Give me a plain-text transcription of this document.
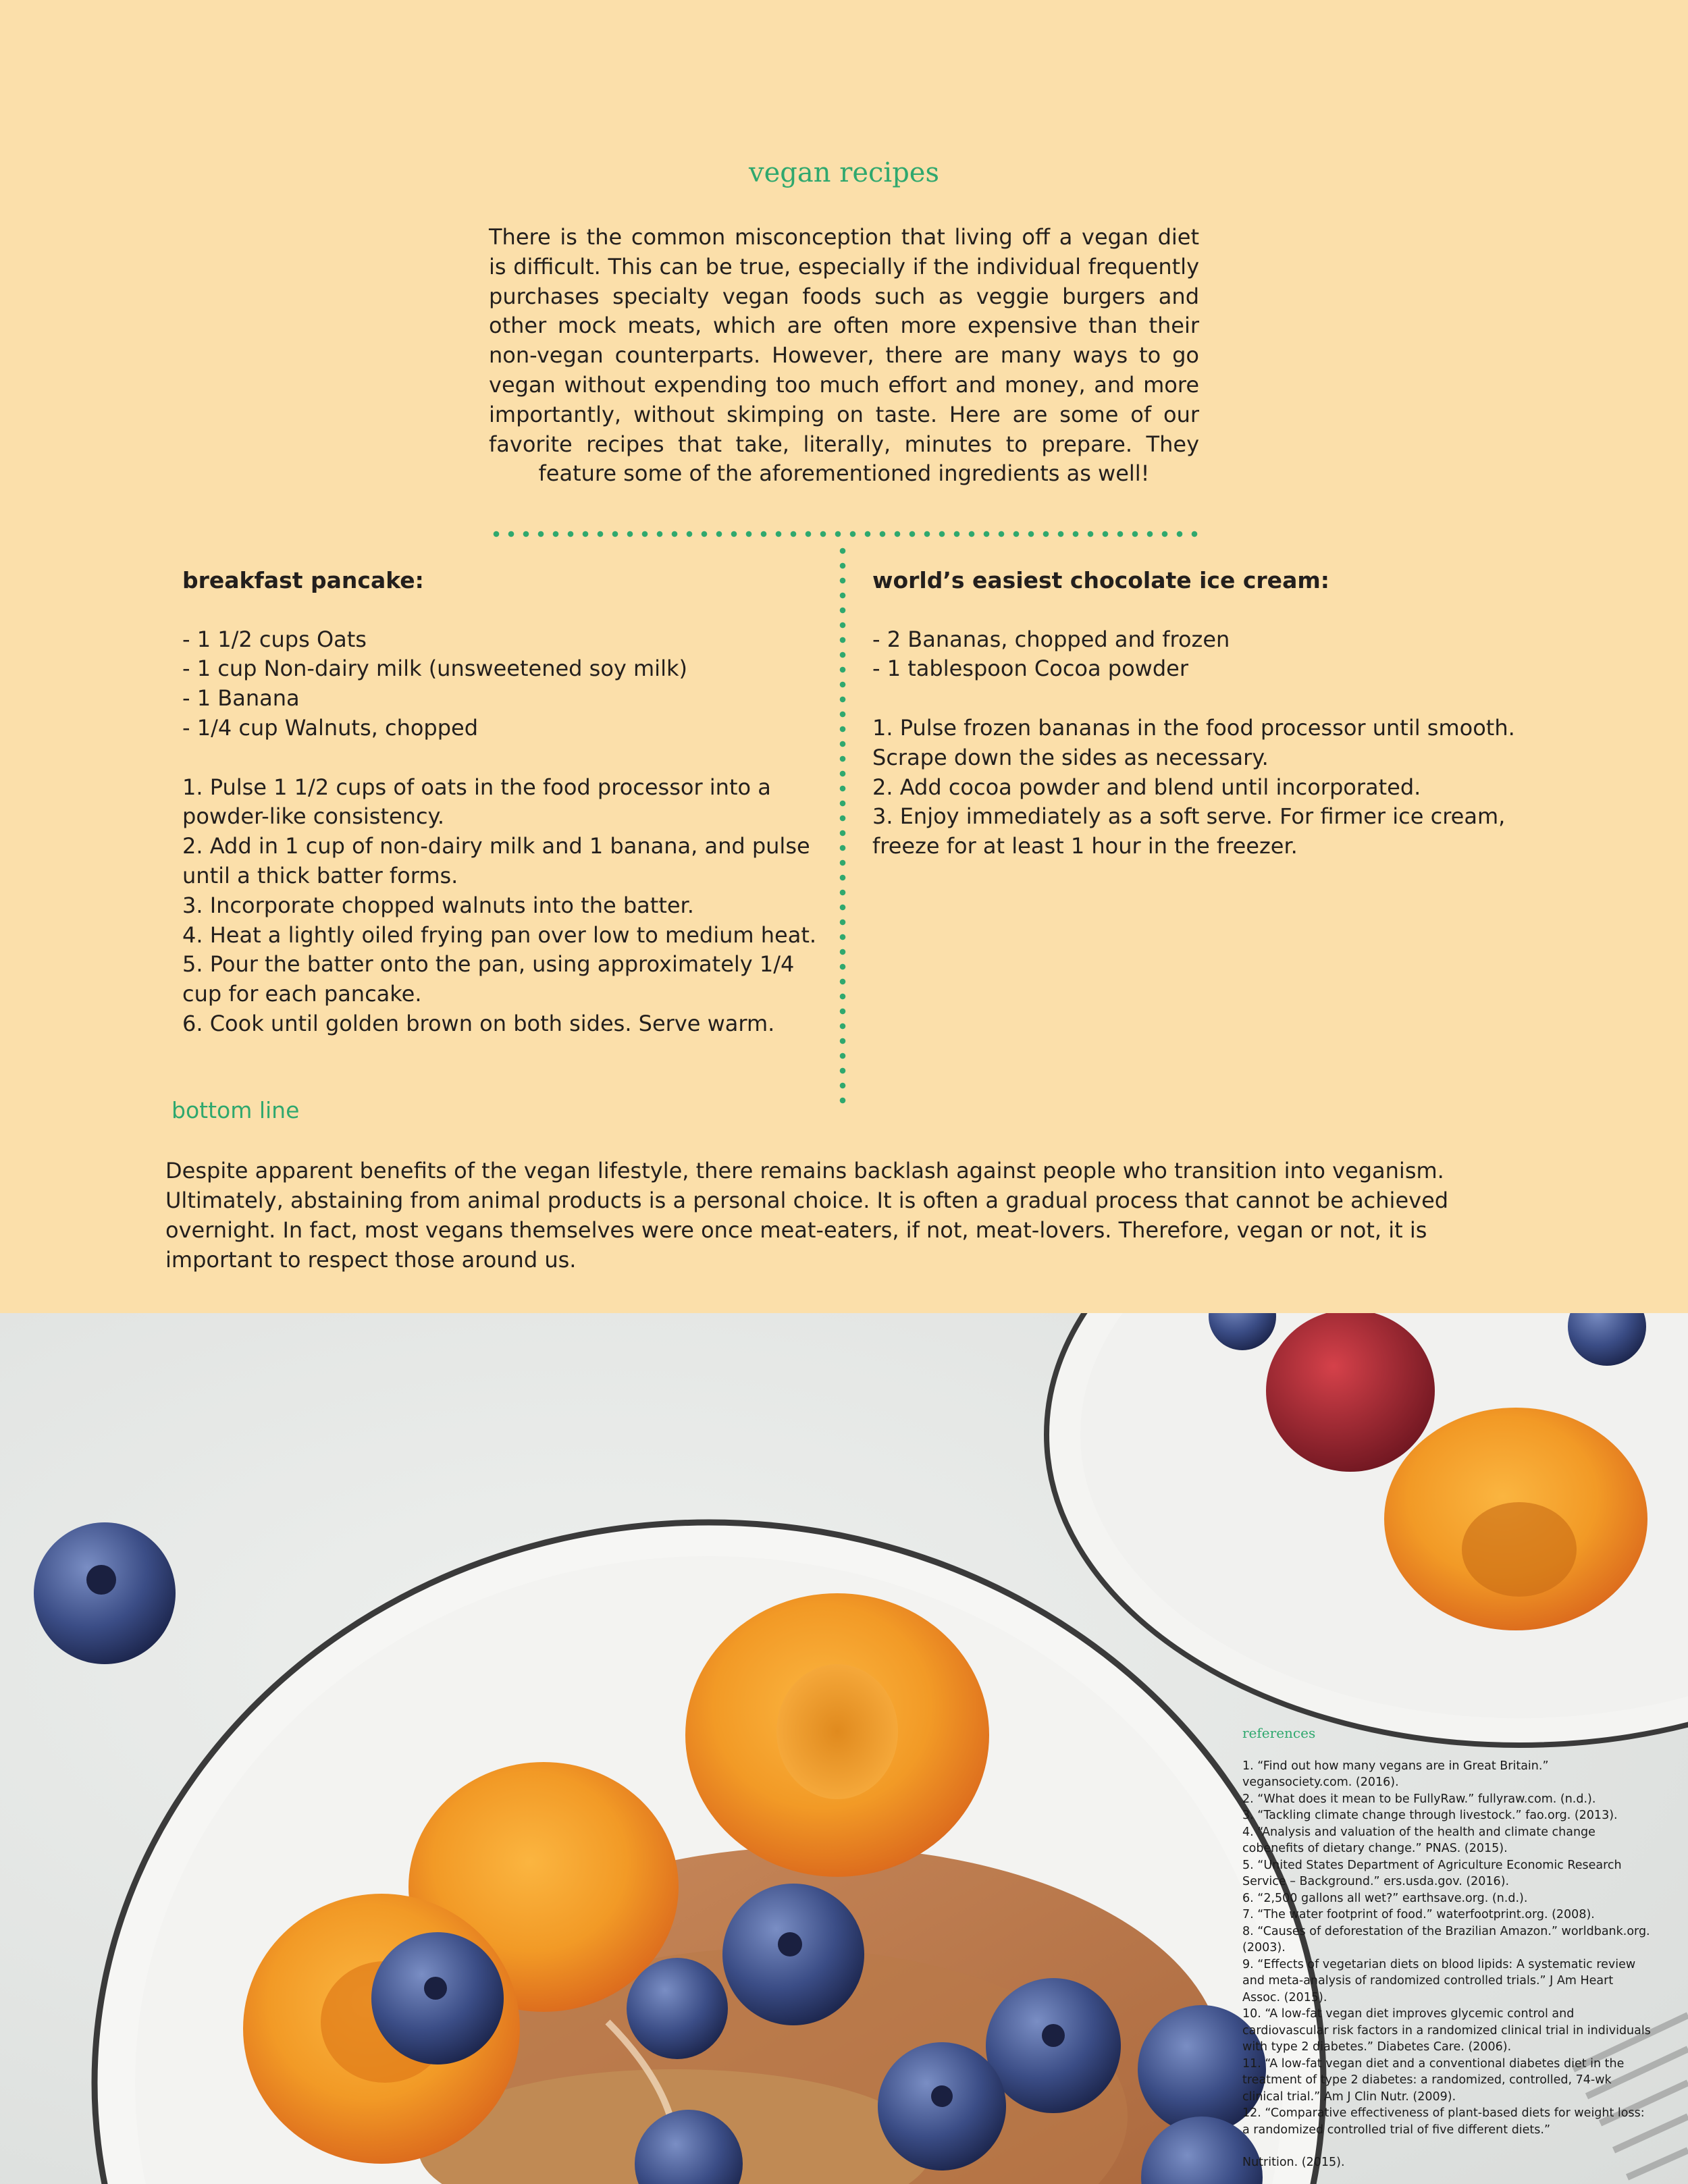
vegan recipes
There is the common misconception that living off a vegan diet is difficult. This can be true, especially if the individual frequently purchases specialty vegan foods such as veggie burgers and other mock meats, which are often more expensive than their non-vegan counterparts. However, there are many ways to go vegan without expending too much effort and money, and more importantly, without skimping on taste. Here are some of our favorite recipes that take, literally, minutes to prepare. They feature some of the aforementioned ingredients as well!
breakfast pancake:
- 1 1/2 cups Oats
- 1 cup Non-dairy milk (unsweetened soy milk)
- 1 Banana
- 1/4 cup Walnuts, chopped
1. Pulse 1 1/2 cups of oats in the food processor into a powder-like consistency.
2. Add in 1 cup of non-dairy milk and 1 banana, and pulse until a thick batter forms.
3. Incorporate chopped walnuts into the batter.
4. Heat a lightly oiled frying pan over low to medium heat.
5. Pour the batter onto the pan, using approximately 1/4 cup for each pancake.
6. Cook until golden brown on both sides. Serve warm.
world’s easiest chocolate ice cream:
- 2 Bananas, chopped and frozen
- 1 tablespoon Cocoa powder
1. Pulse frozen bananas in the food processor until smooth. Scrape down the sides as necessary.
2. Add cocoa powder and blend until incorporated.
3. Enjoy immediately as a soft serve. For firmer ice cream, freeze for at least 1 hour in the freezer.
bottom line
Despite apparent benefits of the vegan lifestyle, there remains backlash against people who transition into veganism. Ultimately, abstaining from animal products is a personal choice. It is often a gradual process that cannot be achieved overnight. In fact, most vegans themselves were once meat-eaters, if not, meat-lovers. Therefore, vegan or not, it is important to respect those around us.
references
1. “Find out how many vegans are in Great Britain.” vegansociety.com. (2016).
2. “What does it mean to be FullyRaw.” fullyraw.com. (n.d.).
3. “Tackling climate change through livestock.” fao.org. (2013).
4. “Analysis and valuation of the health and climate change cobenefits of dietary change.” PNAS. (2015).
5. “United States Department of Agriculture Economic Research Service – Background.” ers.usda.gov. (2016).
6. “2,500 gallons all wet?” earthsave.org. (n.d.).
7. “The water footprint of food.” waterfootprint.org. (2008).
8. “Causes of deforestation of the Brazilian Amazon.” worldbank.org. (2003).
9. “Effects of vegetarian diets on blood lipids: A systematic review and meta-analysis of randomized controlled trials.” J Am Heart Assoc. (2015).
10. “A low-fat vegan diet improves glycemic control and cardiovascular risk factors in a randomized clinical trial in individuals with type 2 diabetes.” Diabetes Care. (2006).
11. “A low-fat vegan diet and a conventional diabetes diet in the treatment of type 2 diabetes: a randomized, controlled, 74-wk clinical trial.” Am J Clin Nutr. (2009).
12. “Comparative effectiveness of plant-based diets for weight loss: a randomized controlled trial of five different diets.”
Nutrition. (2015).
